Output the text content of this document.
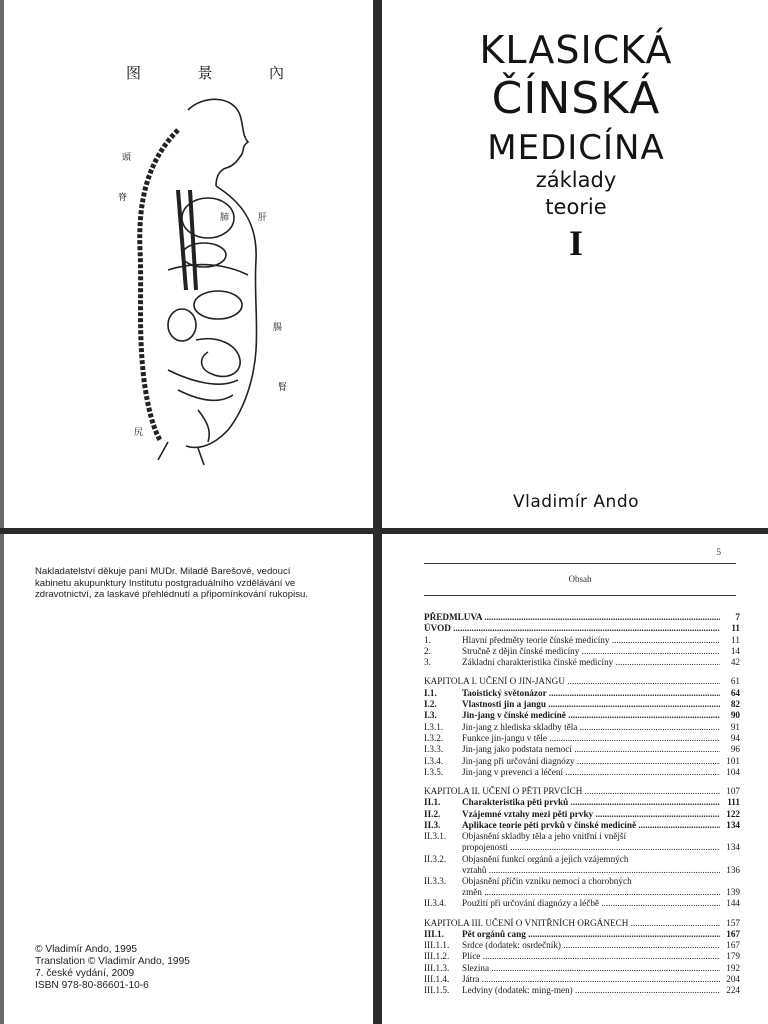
图	景	內
頭
脊
肝
肺
腸
腎
尻
KLASICKÁ
ČÍNSKÁ
MEDICÍNA
základy
teorie
I
Vladimír Ando

Nakladatelství děkuje paní MUDr. Miladě Barešové, vedoucí

kabinetu akupunktury Institutu postgraduálního vzdělávání ve

zdravotnictví, za laskavé přehlédnutí a připomínkování rukopisu.

© Vladimír Ando, 1995
Translation © Vladimír Ando, 1995
7. české vydání, 2009
ISBN 978-80-86601-10-6
5
Obsah
PŘEDMLUVA .....	7
ÚVOD .....	11
1.	Hlavní předměty teorie čínské medicíny .....	11
2.	Stručně z dějin čínské medicíny .....	14
3.	Základní charakteristika čínské medicíny .....	42
KAPITOLA I. UČENÍ O JIN-JANGU .....	61
I.1.	Taoistický světonázor .....	64
I.2.	Vlastnosti jin a jangu .....	82
I.3.	Jin-jang v čínské medicíně .....	90
I.3.1.	Jin-jang z hlediska skladby těla .....	91
I.3.2.	Funkce jin-jangu v těle .....	94
I.3.3.	Jin-jang jako podstata nemocí .....	96
I.3.4.	Jin-jang při určování diagnózy .....	101
I.3.5.	Jin-jang v prevenci a léčení .....	104
KAPITOLA II. UČENÍ O PĚTI PRVCÍCH .....	107
II.1.	Charakteristika pěti prvků .....	111
II.2.	Vzájemné vztahy mezi pěti prvky .....	122
II.3.	Aplikace teorie pěti prvků v čínské medicíně .....	134
II.3.1.	Objasnění skladby těla a jeho vnitřní i vnější
propojenosti .....	134
II.3.2.	Objasnění funkcí orgánů a jejich vzájemných
vztahů .....	136
II.3.3.	Objasnění příčin vzniku nemocí a chorobných
změn .....	139
II.3.4.	Použití při určování diagnózy a léčbě .....	144
KAPITOLA III. UČENÍ O VNITŘNÍCH ORGÁNECH .....	157
III.1.	Pět orgánů cang .....	167
III.1.1.	Srdce (dodatek: osrdečník) .....	167
III.1.2.	Plíce .....	179
III.1.3.	Slezina .....	192
III.1.4.	Játra .....	204
III.1.5.	Ledviny (dodatek: ming-men) .....	224
